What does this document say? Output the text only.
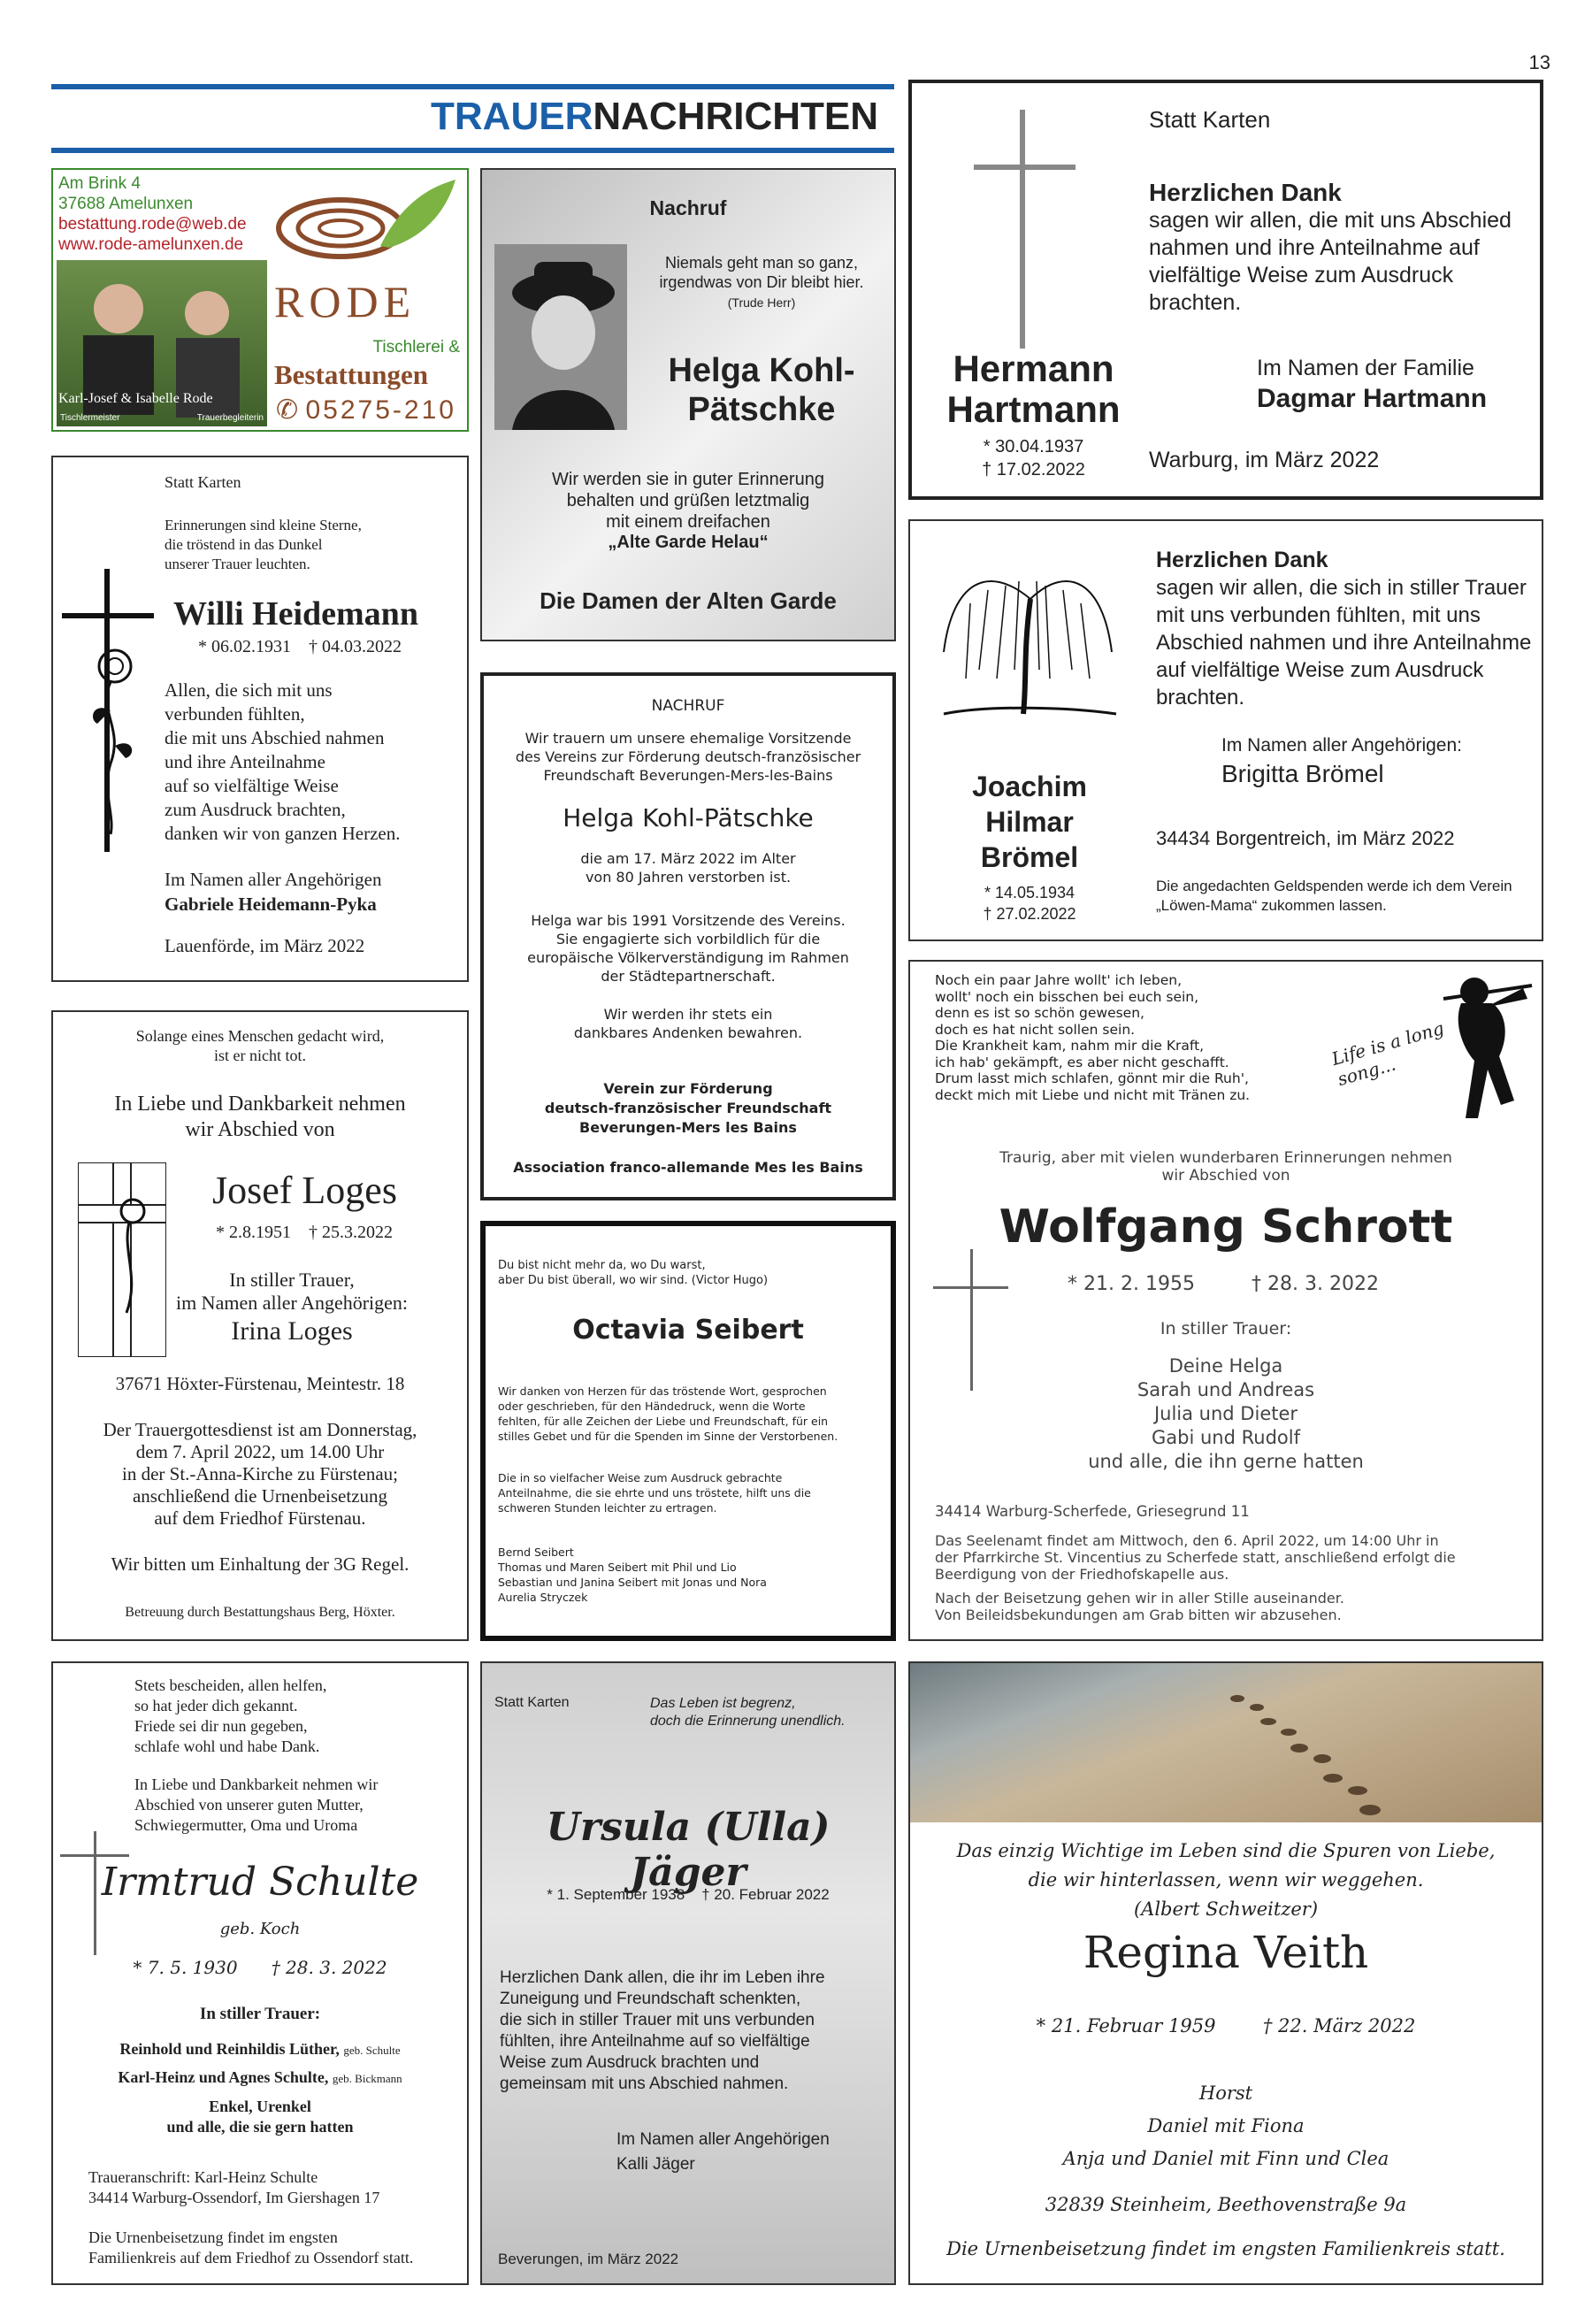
13
TRAUERNACHRICHTEN
Am Brink 4
37688 Amelunxen
bestattung.rode@web.de
www.rode-amelunxen.de
Karl-Josef & Isabelle Rode
Tischlermeister	Trauerbegleiterin
RODE
Tischlerei &
Bestattungen
✆ 05275-210
Statt Karten
Erinnerungen sind kleine Sterne,
die tröstend in das Dunkel
unserer Trauer leuchten.
Willi Heidemann
* 06.02.1931    † 04.03.2022
Allen, die sich mit uns
verbunden fühlten,
die mit uns Abschied nahmen
und ihre Anteilnahme
auf so vielfältige Weise
zum Ausdruck brachten,
danken wir von ganzen Herzen.
Im Namen aller Angehörigen
Gabriele Heidemann-Pyka
Lauenförde, im März 2022
Nachruf
Niemals geht man so ganz,
irgendwas von Dir bleibt hier.
(Trude Herr)
Helga Kohl-
Pätschke
Wir werden sie in guter Erinnerung
behalten und grüßen letztmalig
mit einem dreifachen
„Alte Garde Helau“
Die Damen der Alten Garde
Statt Karten
Herzlichen Dank
sagen wir allen, die mit uns Abschied
nahmen und ihre Anteilnahme auf
vielfältige Weise zum Ausdruck
brachten.
Hermann
Hartmann
* 30.04.1937
† 17.02.2022
Im Namen der Familie
Dagmar Hartmann
Warburg, im März 2022
Herzlichen Dank
sagen wir allen, die sich in stiller Trauer
mit uns verbunden fühlten, mit uns
Abschied nahmen und ihre Anteilnahme
auf vielfältige Weise zum Ausdruck
brachten.
Im Namen aller Angehörigen:
Brigitta Brömel
34434 Borgentreich, im März 2022
Die angedachten Geldspenden werde ich dem Verein
„Löwen-Mama“ zukommen lassen.
Joachim
Hilmar
Brömel
* 14.05.1934
† 27.02.2022
NACHRUF
Wir trauern um unsere ehemalige Vorsitzende
des Vereins zur Förderung deutsch-französischer
Freundschaft Beverungen-Mers-les-Bains
Helga Kohl-Pätschke
die am 17. März 2022 im Alter
von 80 Jahren verstorben ist.
Helga war bis 1991 Vorsitzende des Vereins.
Sie engagierte sich vorbildlich für die
europäische Völkerverständigung im Rahmen
der Städtepartnerschaft.
Wir werden ihr stets ein
dankbares Andenken bewahren.
Verein zur Förderung
deutsch-französischer Freundschaft
Beverungen-Mers les Bains
Association franco-allemande Mes les Bains
Noch ein paar Jahre wollt' ich leben,
wollt' noch ein bisschen bei euch sein,
denn es ist so schön gewesen,
doch es hat nicht sollen sein.
Die Krankheit kam, nahm mir die Kraft,
ich hab' gekämpft, es aber nicht geschafft.
Drum lasst mich schlafen, gönnt mir die Ruh',
deckt mich mit Liebe und nicht mit Tränen zu.
Life is a long
song...
Traurig, aber mit vielen wunderbaren Erinnerungen nehmen
wir Abschied von
Wolfgang Schrott
* 21. 2. 1955	† 28. 3. 2022
In stiller Trauer:
Deine Helga
Sarah und Andreas
Julia und Dieter
Gabi und Rudolf
und alle, die ihn gerne hatten
34414 Warburg-Scherfede, Griesegrund 11
Das Seelenamt findet am Mittwoch, den 6. April 2022, um 14:00 Uhr in
der Pfarrkirche St. Vincentius zu Scherfede statt, anschließend erfolgt die
Beerdigung von der Friedhofskapelle aus.
Nach der Beisetzung gehen wir in aller Stille auseinander.
Von Beileidsbekundungen am Grab bitten wir abzusehen.
Solange eines Menschen gedacht wird,
ist er nicht tot.
In Liebe und Dankbarkeit nehmen
wir Abschied von
Josef Loges
* 2.8.1951    † 25.3.2022
In stiller Trauer,
im Namen aller Angehörigen:
Irina Loges
37671 Höxter-Fürstenau, Meintestr. 18
Der Trauergottesdienst ist am Donnerstag,
dem 7. April 2022, um 14.00 Uhr
in der St.-Anna-Kirche zu Fürstenau;
anschließend die Urnenbeisetzung
auf dem Friedhof Fürstenau.
Wir bitten um Einhaltung der 3G Regel.
Betreuung durch Bestattungshaus Berg, Höxter.
Du bist nicht mehr da, wo Du warst,
aber Du bist überall, wo wir sind. (Victor Hugo)
Octavia Seibert
Wir danken von Herzen für das tröstende Wort, gesprochen
oder geschrieben, für den Händedruck, wenn die Worte
fehlten, für alle Zeichen der Liebe und Freundschaft, für ein
stilles Gebet und für die Spenden im Sinne der Verstorbenen.
Die in so vielfacher Weise zum Ausdruck gebrachte
Anteilnahme, die sie ehrte und uns tröstete, hilft uns die
schweren Stunden leichter zu ertragen.
Bernd Seibert
Thomas und Maren Seibert mit Phil und Lio
Sebastian und Janina Seibert mit Jonas und Nora
Aurelia Stryczek
Stets bescheiden, allen helfen,
so hat jeder dich gekannt.
Friede sei dir nun gegeben,
schlafe wohl und habe Dank.
In Liebe und Dankbarkeit nehmen wir
Abschied von unserer guten Mutter,
Schwiegermutter, Oma und Uroma
Irmtrud Schulte
geb. Koch
* 7. 5. 1930      † 28. 3. 2022
In stiller Trauer:
Reinhold und Reinhildis Lüther, geb. Schulte
Karl-Heinz und Agnes Schulte, geb. Bickmann
Enkel, Urenkel
und alle, die sie gern hatten
Traueranschrift: Karl-Heinz Schulte
34414 Warburg-Ossendorf, Im Giershagen 17
Die Urnenbeisetzung findet im engsten
Familienkreis auf dem Friedhof zu Ossendorf statt.
Statt Karten	Das Leben ist begrenz,
doch die Erinnerung unendlich.
Ursula (Ulla) Jäger
* 1. September 1938    † 20. Februar 2022
Herzlichen Dank allen, die ihr im Leben ihre
Zuneigung und Freundschaft schenkten,
die sich in stiller Trauer mit uns verbunden
fühlten, ihre Anteilnahme auf so vielfältige
Weise zum Ausdruck brachten und
gemeinsam mit uns Abschied nahmen.
Im Namen aller Angehörigen
Kalli Jäger
Beverungen, im März 2022
Das einzig Wichtige im Leben sind die Spuren von Liebe,
die wir hinterlassen, wenn wir weggehen.
(Albert Schweitzer)
Regina Veith
* 21. Februar 1959	† 22. März 2022
Horst
Daniel mit Fiona
Anja und Daniel mit Finn und Clea
32839 Steinheim, Beethovenstraße 9a
Die Urnenbeisetzung findet im engsten Familienkreis statt.
